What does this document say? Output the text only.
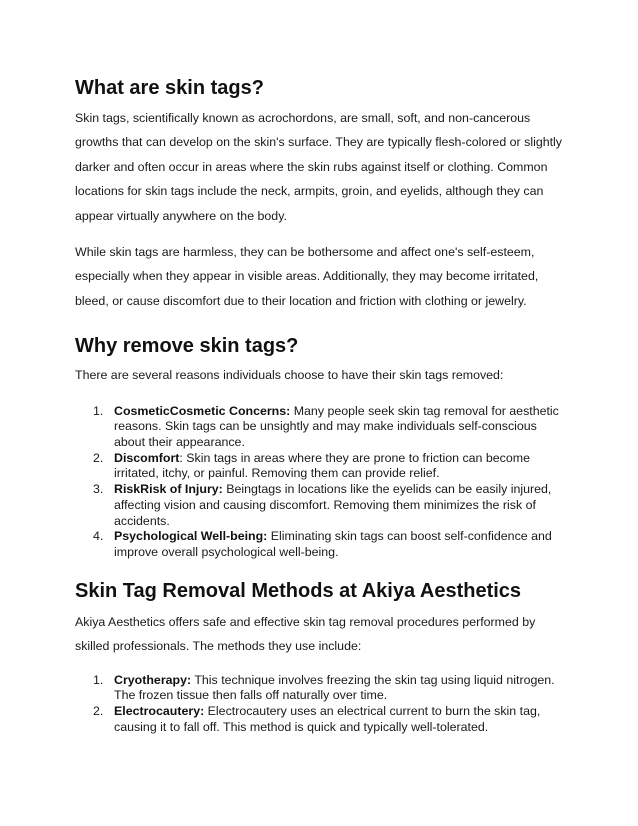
What are skin tags?

Skin tags, scientifically known as acrochordons, are small, soft, and non-cancerous growths that can develop on the skin's surface. They are typically flesh-colored or slightly darker and often occur in areas where the skin rubs against itself or clothing. Common locations for skin tags include the neck, armpits, groin, and eyelids, although they can appear virtually anywhere on the body.

While skin tags are harmless, they can be bothersome and affect one's self-esteem, especially when they appear in visible areas. Additionally, they may become irritated, bleed, or cause discomfort due to their location and friction with clothing or jewelry.

Why remove skin tags?

There are several reasons individuals choose to have their skin tags removed:

1. CosmeticCosmetic Concerns: Many people seek skin tag removal for aesthetic reasons. Skin tags can be unsightly and may make individuals self-conscious about their appearance.
2. Discomfort: Skin tags in areas where they are prone to friction can become irritated, itchy, or painful. Removing them can provide relief.
3. RiskRisk of Injury: Beingtags in locations like the eyelids can be easily injured, affecting vision and causing discomfort. Removing them minimizes the risk of accidents.
4. Psychological Well-being: Eliminating skin tags can boost self-confidence and improve overall psychological well-being.
Skin Tag Removal Methods at Akiya Aesthetics

Akiya Aesthetics offers safe and effective skin tag removal procedures performed by skilled professionals. The methods they use include:

1. Cryotherapy: This technique involves freezing the skin tag using liquid nitrogen. The frozen tissue then falls off naturally over time.
2. Electrocautery: Electrocautery uses an electrical current to burn the skin tag, causing it to fall off. This method is quick and typically well-tolerated.
